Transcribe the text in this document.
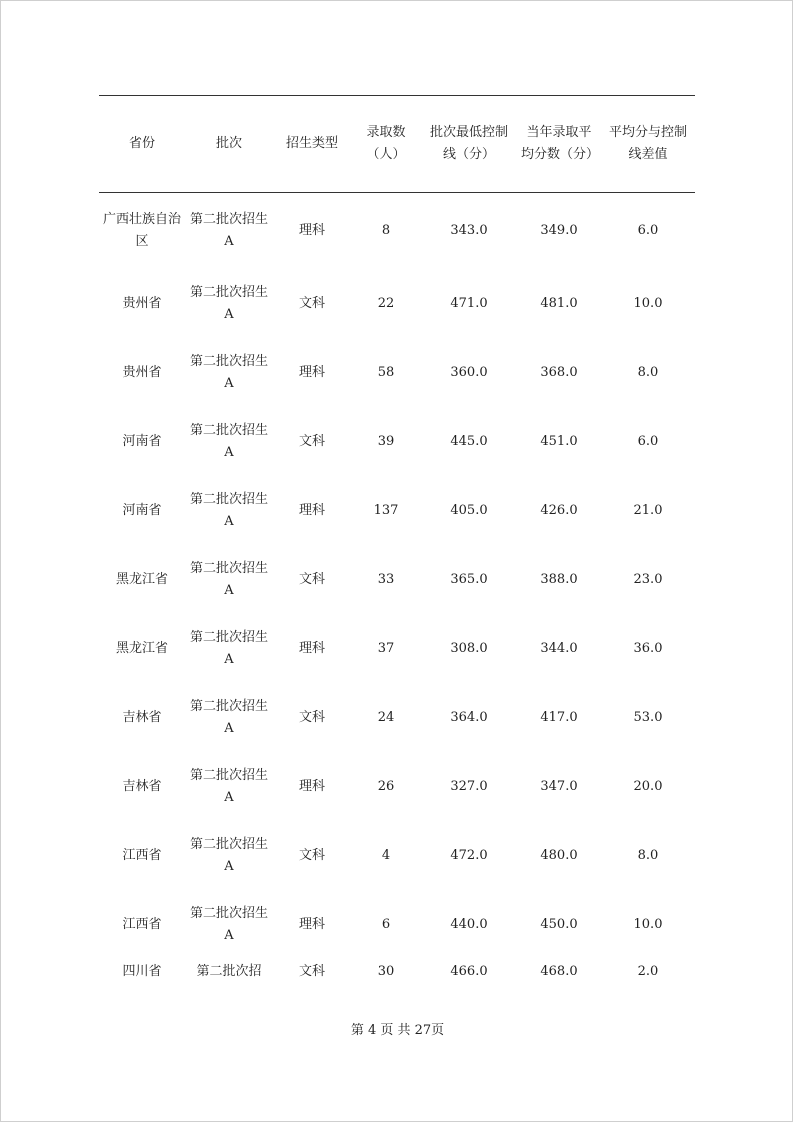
省份	批次	招生类型	录取数（人）	批次最低控制线（分）	当年录取平均分数（分）	平均分与控制线差值
广西壮族自治区	第二批次招生A	理科	8	343.0	349.0	6.0
贵州省	第二批次招生A	文科	22	471.0	481.0	10.0
贵州省	第二批次招生A	理科	58	360.0	368.0	8.0
河南省	第二批次招生A	文科	39	445.0	451.0	6.0
河南省	第二批次招生A	理科	137	405.0	426.0	21.0
黑龙江省	第二批次招生A	文科	33	365.0	388.0	23.0
黑龙江省	第二批次招生A	理科	37	308.0	344.0	36.0
吉林省	第二批次招生A	文科	24	364.0	417.0	53.0
吉林省	第二批次招生A	理科	26	327.0	347.0	20.0
江西省	第二批次招生A	文科	4	472.0	480.0	8.0
江西省	第二批次招生A	理科	6	440.0	450.0	10.0
四川省	第二批次招	文科	30	466.0	468.0	2.0
第 4 页 共 27页
